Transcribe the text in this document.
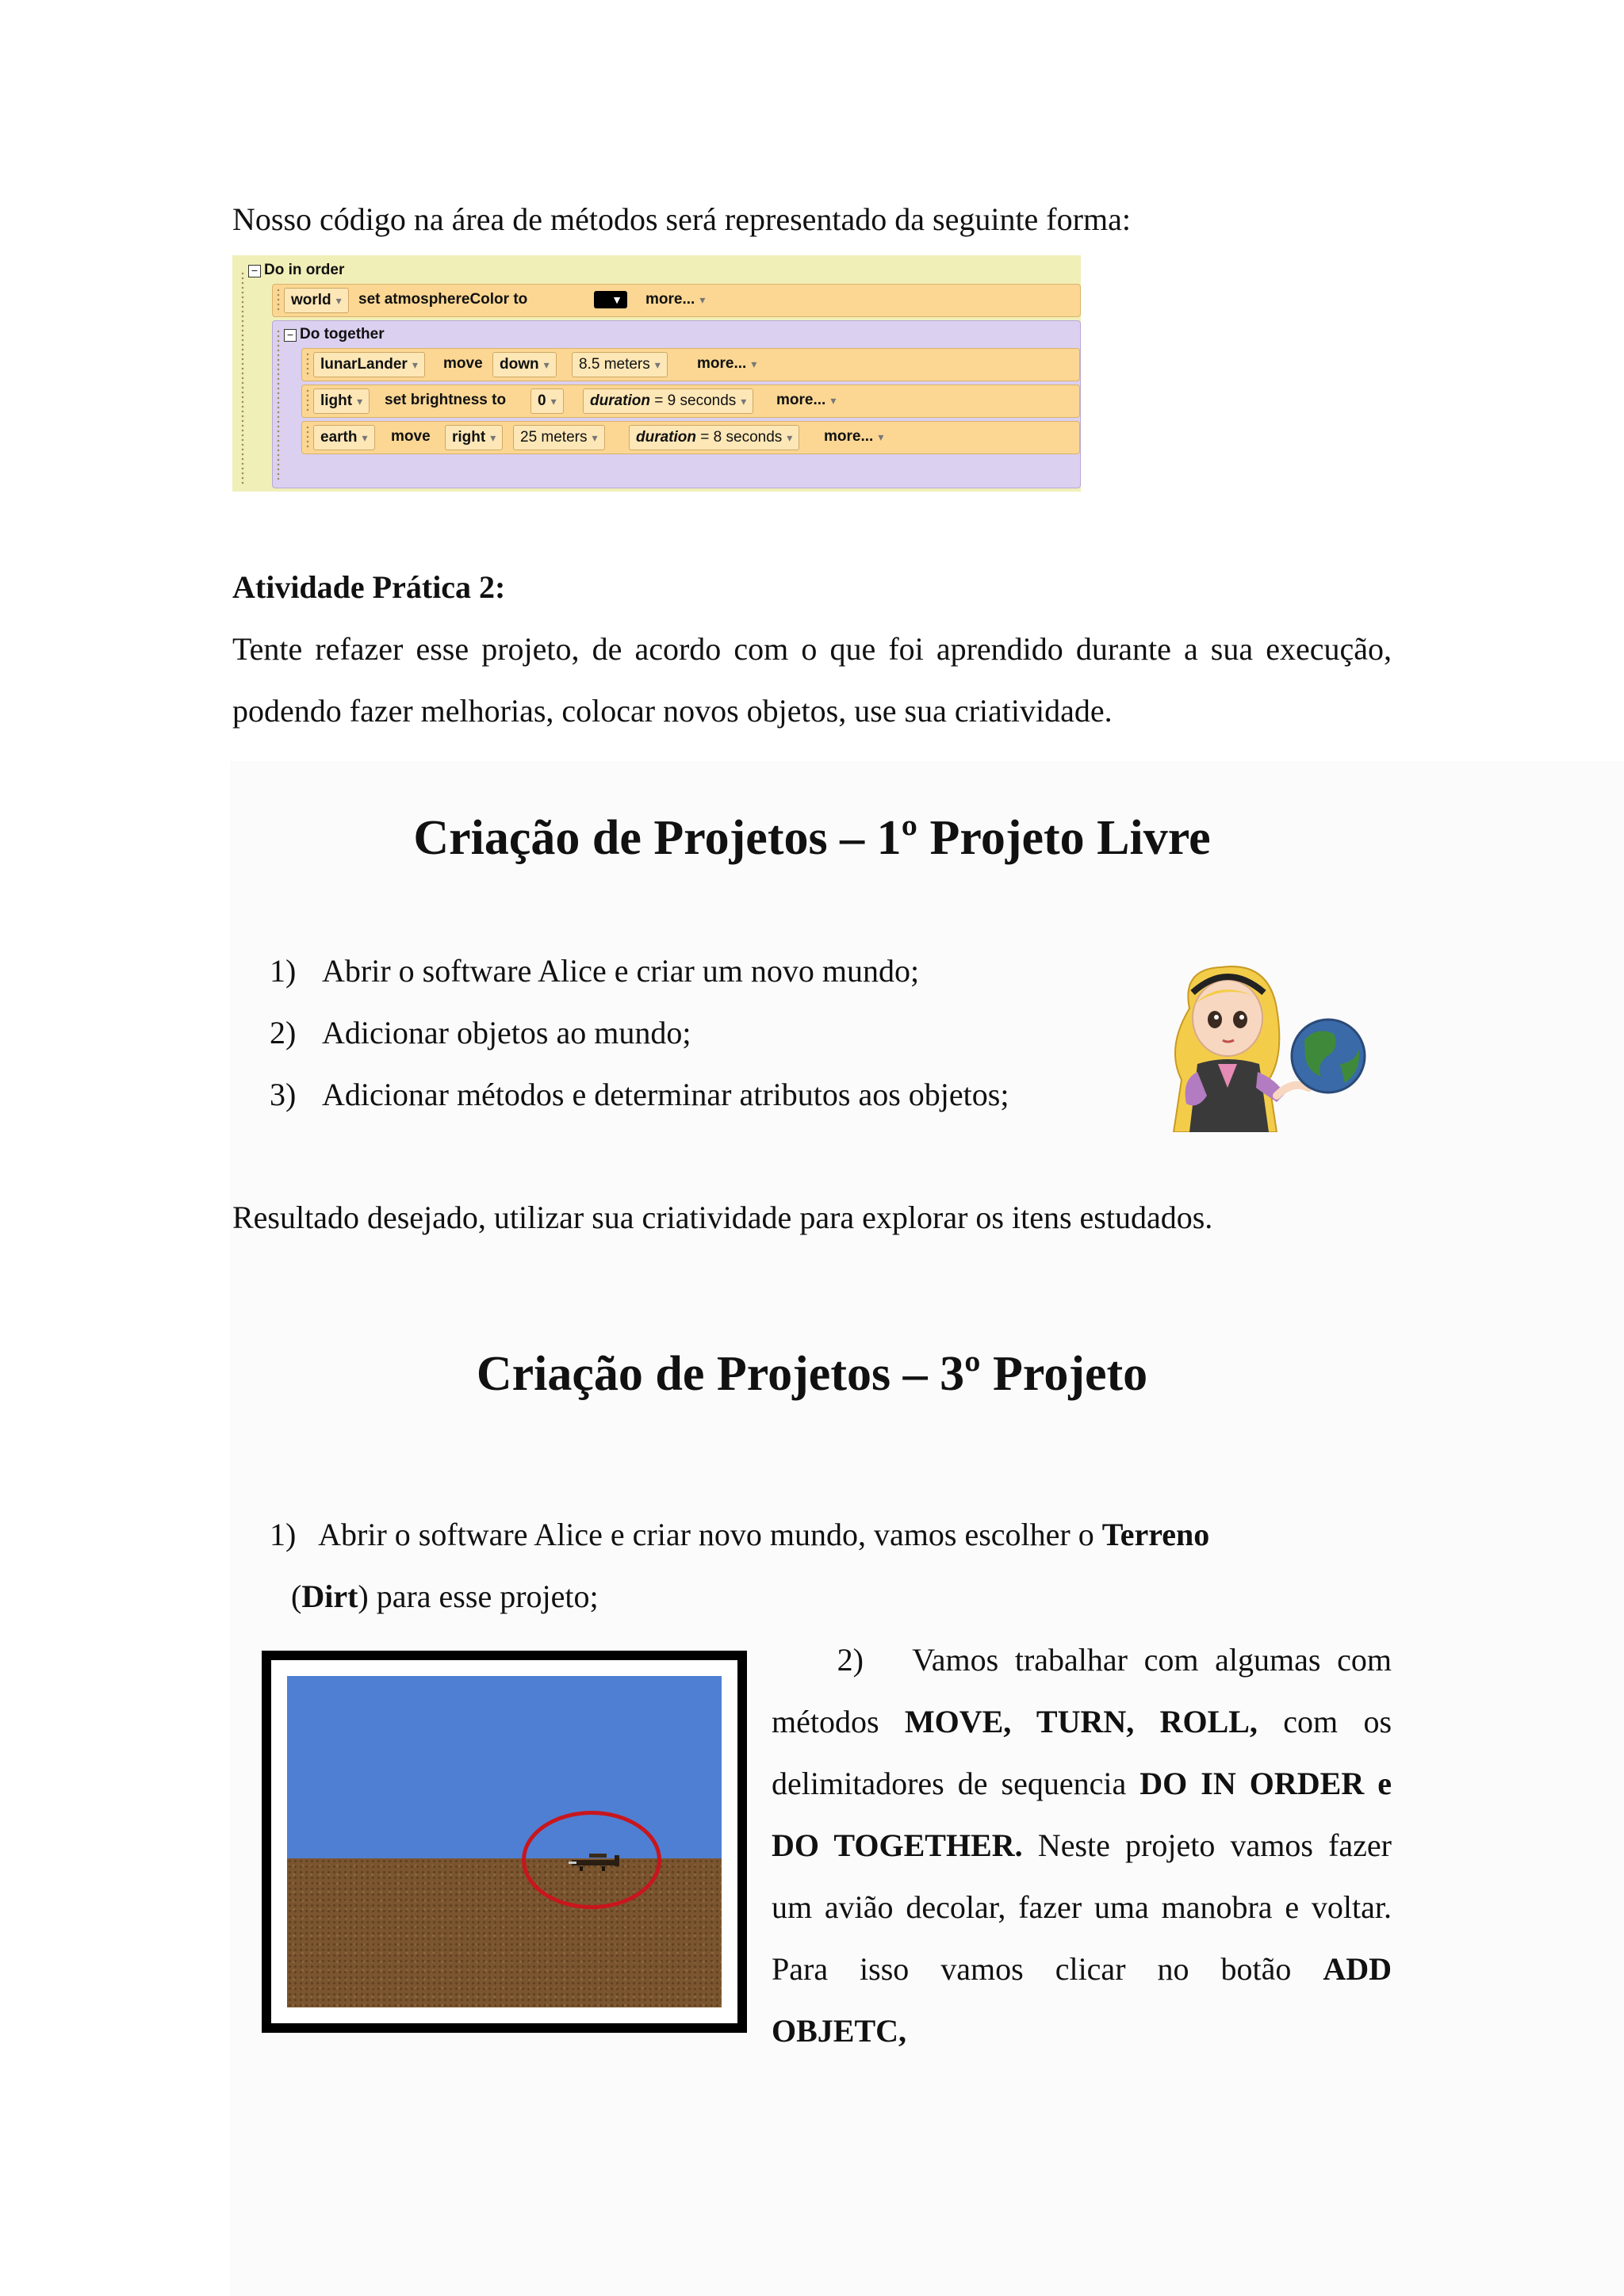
Nosso código na área de métodos será representado da seguinte forma:

− Do in order
world ▾	set atmosphereColor to	▼	more... ▾
− Do together
lunarLander ▾	move	down ▾	8.5 meters ▾	more... ▾
light ▾	set brightness to	0 ▾	duration = 9 seconds ▾	more... ▾
earth ▾	move	right ▾	25 meters ▾	duration = 8 seconds ▾	more... ▾

Atividade Prática 2:

Tente refazer esse projeto, de acordo com o que foi aprendido durante a sua execução, podendo fazer melhorias, colocar novos objetos, use sua criatividade.

Criação de Projetos – 1º Projeto Livre

1) Abrir o software Alice e criar um novo mundo;

2) Adicionar objetos ao mundo;

3) Adicionar métodos e determinar atributos aos objetos;

Resultado desejado, utilizar sua criatividade para explorar os itens estudados.

Criação de Projetos – 3º Projeto

1) Abrir o software Alice e criar novo mundo, vamos escolher o Terreno

(Dirt) para esse projeto;

2) Vamos trabalhar com algumas com métodos MOVE, TURN, ROLL, com os delimitadores de sequencia DO IN ORDER e DO TOGETHER. Neste projeto vamos fazer um avião decolar, fazer uma manobra e voltar. Para isso vamos clicar no botão ADD OBJETC,
